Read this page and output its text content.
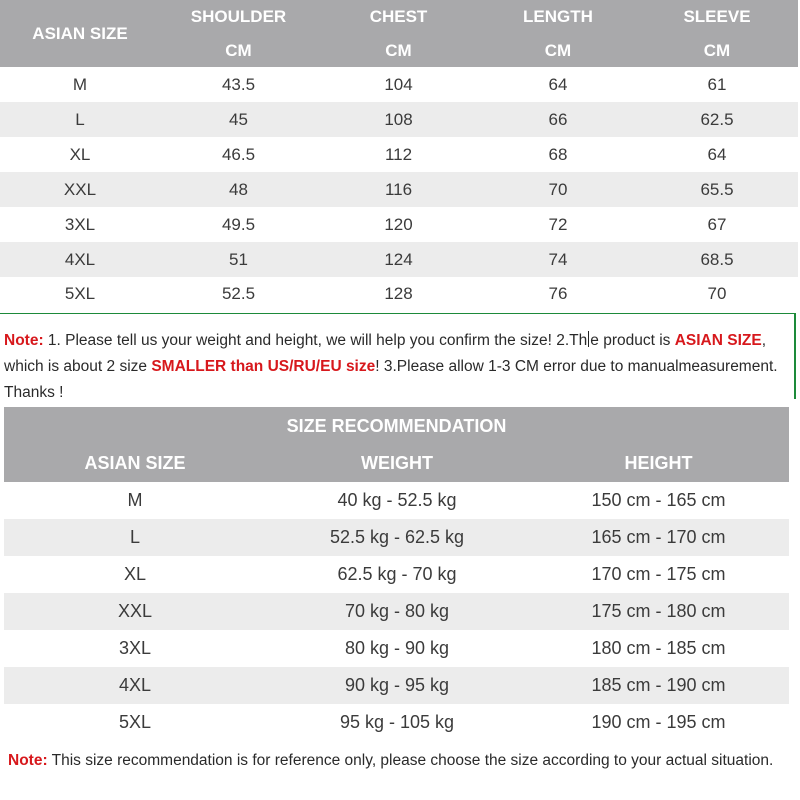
ASIAN SIZE	SHOULDER	CHEST	LENGTH	SLEEVE
	CM	CM	CM	CM
M	43.5	104	64	61
L	45	108	66	62.5
XL	46.5	112	68	64
XXL	48	116	70	65.5
3XL	49.5	120	72	67
4XL	51	124	74	68.5
5XL	52.5	128	76	70
Note: 1. Please tell us your weight and height, we will help you confirm the size! 2.Th e product is ASIAN SIZE, which is about 2 size SMALLER than US/RU/EU size! 3.Please allow 1-3 CM error due to manualmeasurement. Thanks !
SIZE RECOMMENDATION		
ASIAN SIZE	WEIGHT	HEIGHT
M	40 kg - 52.5 kg	150 cm - 165 cm
L	52.5 kg - 62.5 kg	165 cm - 170 cm
XL	62.5 kg - 70 kg	170 cm - 175 cm
XXL	70 kg - 80 kg	175 cm - 180 cm
3XL	80 kg - 90 kg	180 cm - 185 cm
4XL	90 kg - 95 kg	185 cm - 190 cm
5XL	95 kg - 105 kg	190 cm - 195 cm
Note: This size recommendation is for reference only, please choose the size according to your actual situation.
